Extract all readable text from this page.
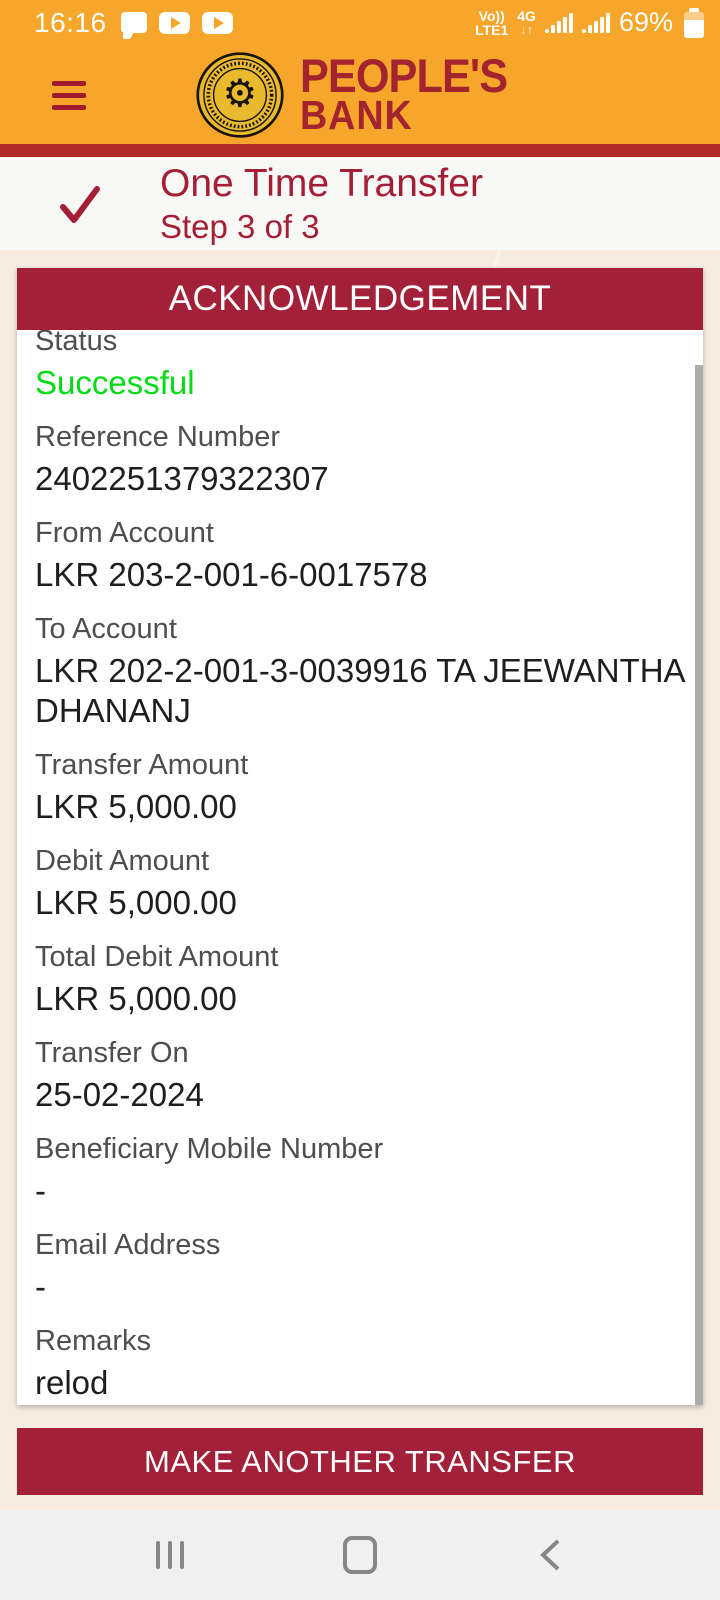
16:16	Vo))
LTE1
4G
↓↑	69%
⚙ PEOPLE'S
BANK
One Time Transfer
Step 3 of 3
ACKNOWLEDGEMENT
Status
Successful
Reference Number
2402251379322307
From Account
LKR 203-2-001-6-0017578
To Account
LKR 202-2-001-3-0039916 TA JEEWANTHA DHANANJ
Transfer Amount
LKR 5,000.00
Debit Amount
LKR 5,000.00
Total Debit Amount
LKR 5,000.00
Transfer On
25-02-2024
Beneficiary Mobile Number
-
Email Address
-
Remarks
relod
MAKE ANOTHER TRANSFER
